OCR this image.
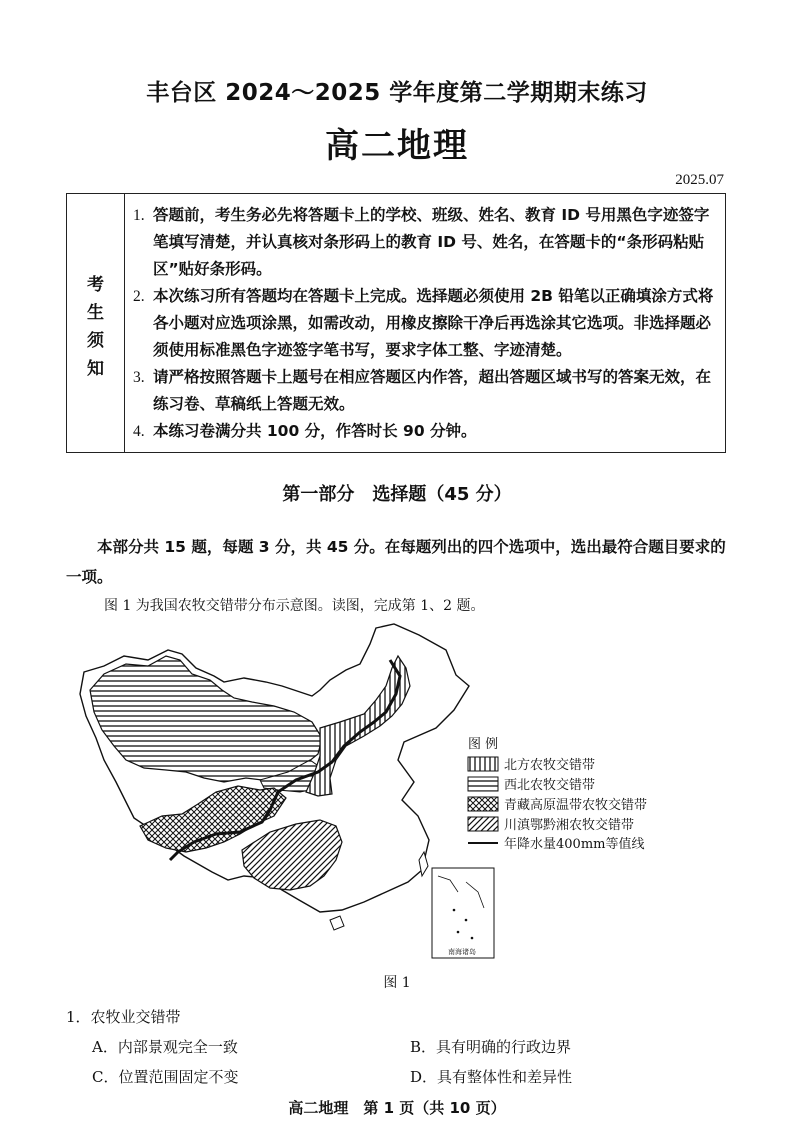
丰台区 2024～2025 学年度第二学期期末练习
高二地理
2025.07
考
生
须
知
1. 答题前，考生务必先将答题卡上的学校、班级、姓名、教育 ID 号用黑色字迹签字笔填写清楚，并认真核对条形码上的教育 ID 号、姓名，在答题卡的“条形码粘贴区”贴好条形码。
2. 本次练习所有答题均在答题卡上完成。选择题必须使用 2B 铅笔以正确填涂方式将各小题对应选项涂黑，如需改动，用橡皮擦除干净后再选涂其它选项。非选择题必须使用标准黑色字迹签字笔书写，要求字体工整、字迹清楚。
3. 请严格按照答题卡上题号在相应答题区内作答，超出答题区域书写的答案无效，在练习卷、草稿纸上答题无效。
4. 本练习卷满分共 100 分，作答时长 90 分钟。
第一部分　选择题（45 分）
本部分共 15 题，每题 3 分，共 45 分。在每题列出的四个选项中，选出最符合题目要求的一项。
图 1 为我国农牧交错带分布示意图。读图，完成第 1、2 题。
南海诸岛
图 例
北方农牧交错带
西北农牧交错带
青藏高原温带农牧交错带
川滇鄂黔湘农牧交错带
年降水量400mm等值线
图 1
1．农牧业交错带
A．内部景观完全一致	B．具有明确的行政边界
C．位置范围固定不变	D．具有整体性和差异性
高二地理　第 1 页（共 10 页）
